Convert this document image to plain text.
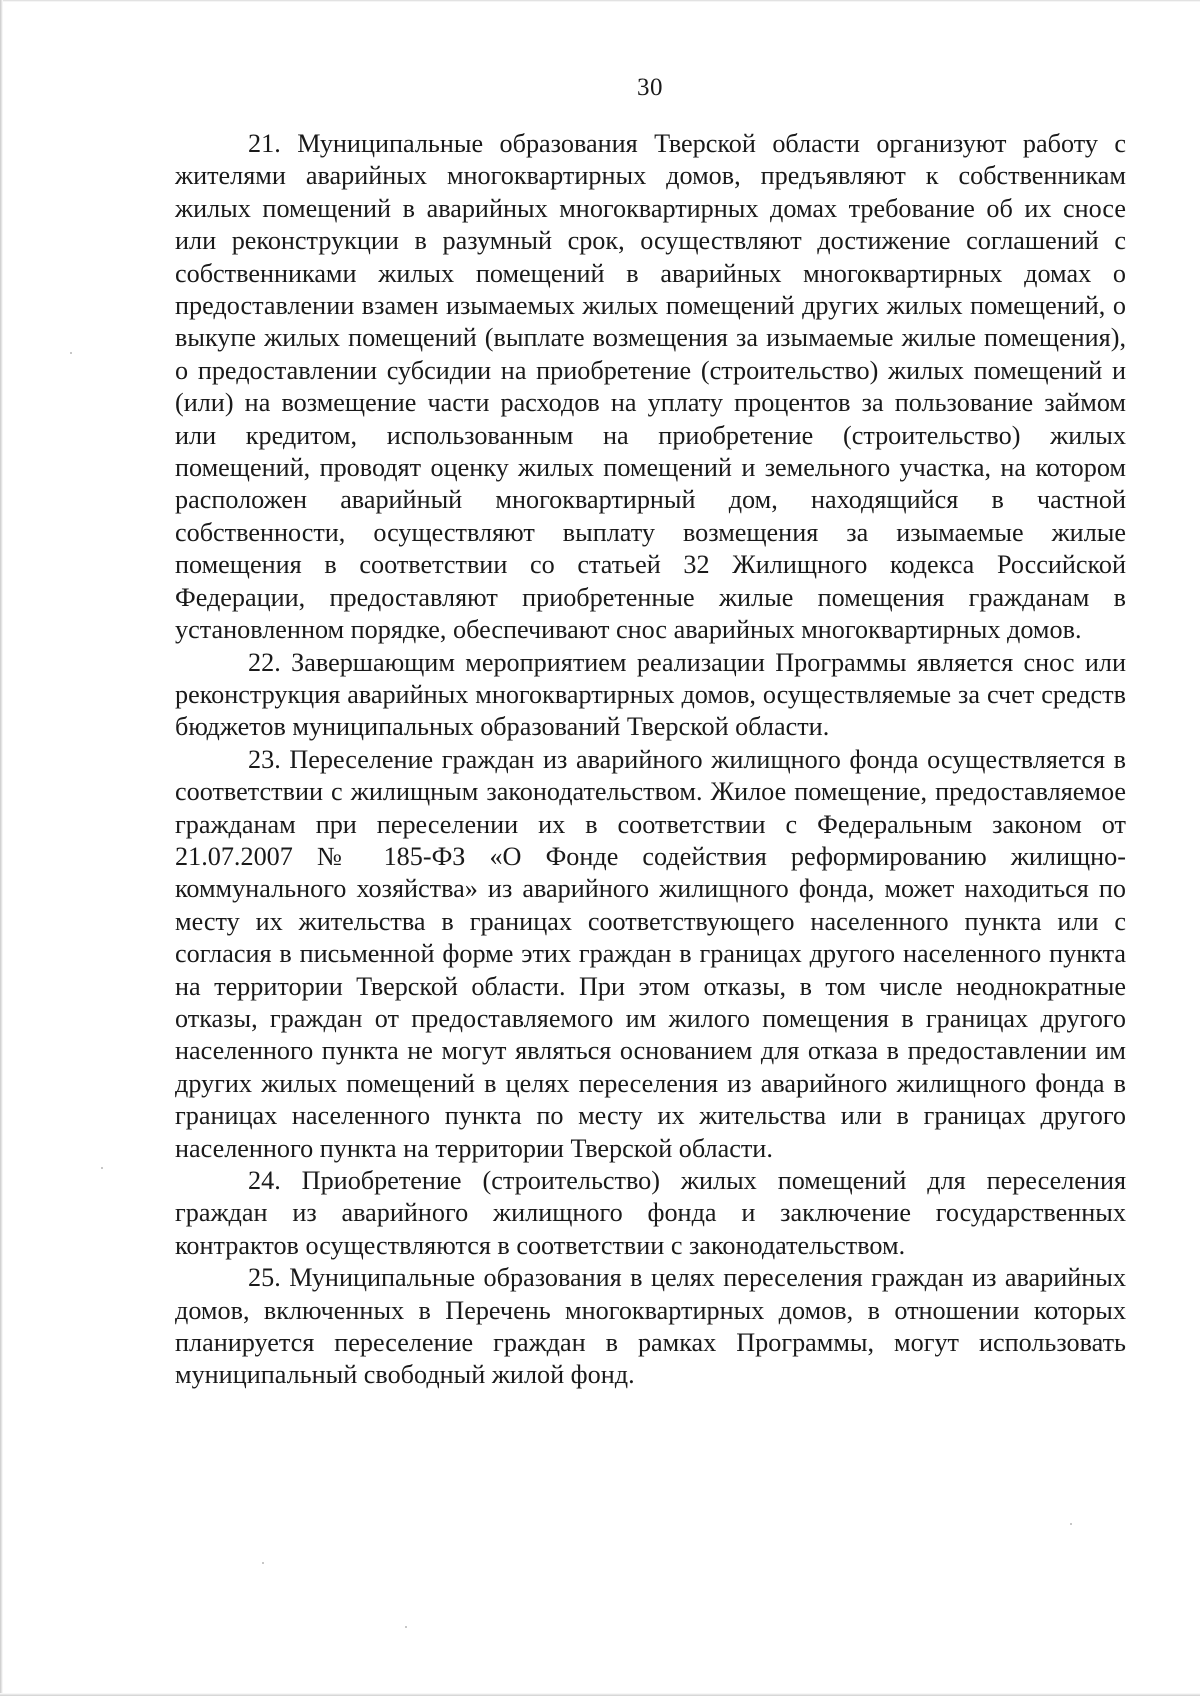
30

21. Муниципальные образования Тверской области организуют работу с жителями аварийных многоквартирных домов, предъявляют к собственникам жилых помещений в аварийных многоквартирных домах требование об их сносе или реконструкции в разумный срок, осуществляют достижение соглашений с собственниками жилых помещений в аварийных многоквартирных домах о предоставлении взамен изымаемых жилых помещений других жилых помещений, о выкупе жилых помещений (выплате возмещения за изымаемые жилые помещения), о предоставлении субсидии на приобретение (строительство) жилых помещений и (или) на возмещение части расходов на уплату процентов за пользование займом или кредитом, использованным на приобретение (строительство) жилых помещений, проводят оценку жилых помещений и земельного участка, на котором расположен аварийный многоквартирный дом, находящийся в частной собственности, осуществляют выплату возмещения за изымаемые жилые помещения в соответствии со статьей 32 Жилищного кодекса Российской Федерации, предоставляют приобретенные жилые помещения гражданам в установленном порядке, обеспечивают снос аварийных многоквартирных домов.

22. Завершающим мероприятием реализации Программы является снос или реконструкция аварийных многоквартирных домов, осуществляемые за счет средств бюджетов муниципальных образований Тверской области.

23. Переселение граждан из аварийного жилищного фонда осуществляется в соответствии с жилищным законодательством. Жилое помещение, предоставляемое гражданам при переселении их в соответствии с Федеральным законом от 21.07.2007 № 185-ФЗ «О Фонде содействия реформированию жилищно-коммунального хозяйства» из аварийного жилищного фонда, может находиться по месту их жительства в границах соответствующего населенного пункта или с согласия в письменной форме этих граждан в границах другого населенного пункта на территории Тверской области. При этом отказы, в том числе неоднократные отказы, граждан от предоставляемого им жилого помещения в границах другого населенного пункта не могут являться основанием для отказа в предоставлении им других жилых помещений в целях переселения из аварийного жилищного фонда в границах населенного пункта по месту их жительства или в границах другого населенного пункта на территории Тверской области.

24. Приобретение (строительство) жилых помещений для переселения граждан из аварийного жилищного фонда и заключение государственных контрактов осуществляются в соответствии с законодательством.

25. Муниципальные образования в целях переселения граждан из аварийных домов, включенных в Перечень многоквартирных домов, в отношении которых планируется переселение граждан в рамках Программы, могут использовать муниципальный свободный жилой фонд.
